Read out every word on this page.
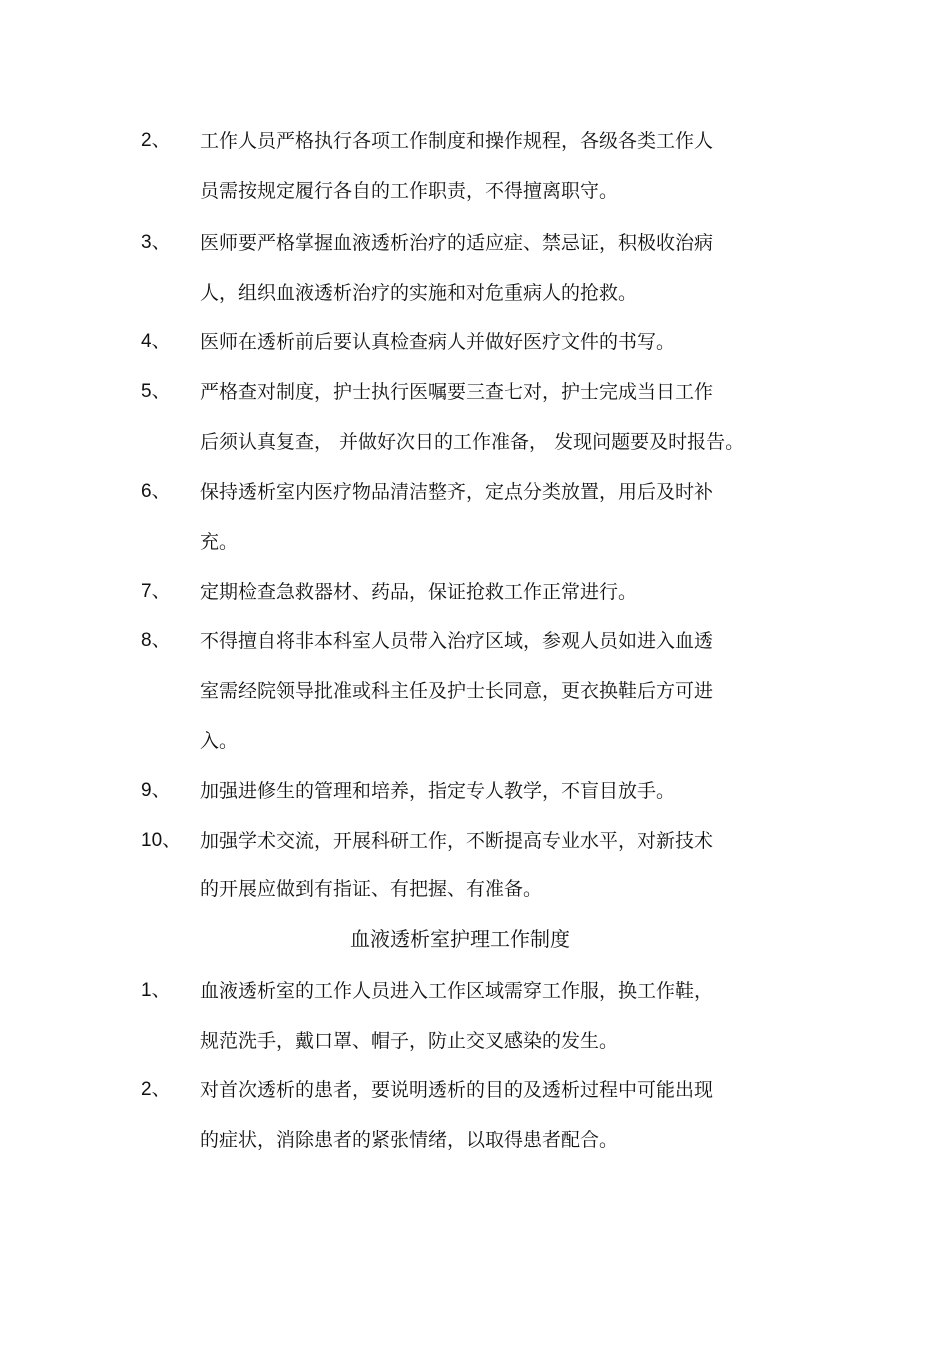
2、 工作人员严格执行各项工作制度和操作规程，各级各类工作人
员需按规定履行各自的工作职责，不得擅离职守。
3、 医师要严格掌握血液透析治疗的适应症、禁忌证，积极收治病
人，组织血液透析治疗的实施和对危重病人的抢救。
4、 医师在透析前后要认真检查病人并做好医疗文件的书写。
5、 严格查对制度，护士执行医嘱要三查七对，护士完成当日工作
后须认真复查， 并做好次日的工作准备， 发现问题要及时报告。
6、 保持透析室内医疗物品清洁整齐，定点分类放置，用后及时补
充。
7、 定期检查急救器材、药品，保证抢救工作正常进行。
8、 不得擅自将非本科室人员带入治疗区域，参观人员如进入血透
室需经院领导批准或科主任及护士长同意，更衣换鞋后方可进
入。
9、 加强进修生的管理和培养，指定专人教学，不盲目放手。
10、 加强学术交流，开展科研工作，不断提高专业水平，对新技术
的开展应做到有指证、有把握、有准备。
血液透析室护理工作制度
1、 血液透析室的工作人员进入工作区域需穿工作服，换工作鞋，
规范洗手，戴口罩、帽子，防止交叉感染的发生。
2、 对首次透析的患者，要说明透析的目的及透析过程中可能出现
的症状，消除患者的紧张情绪，以取得患者配合。
